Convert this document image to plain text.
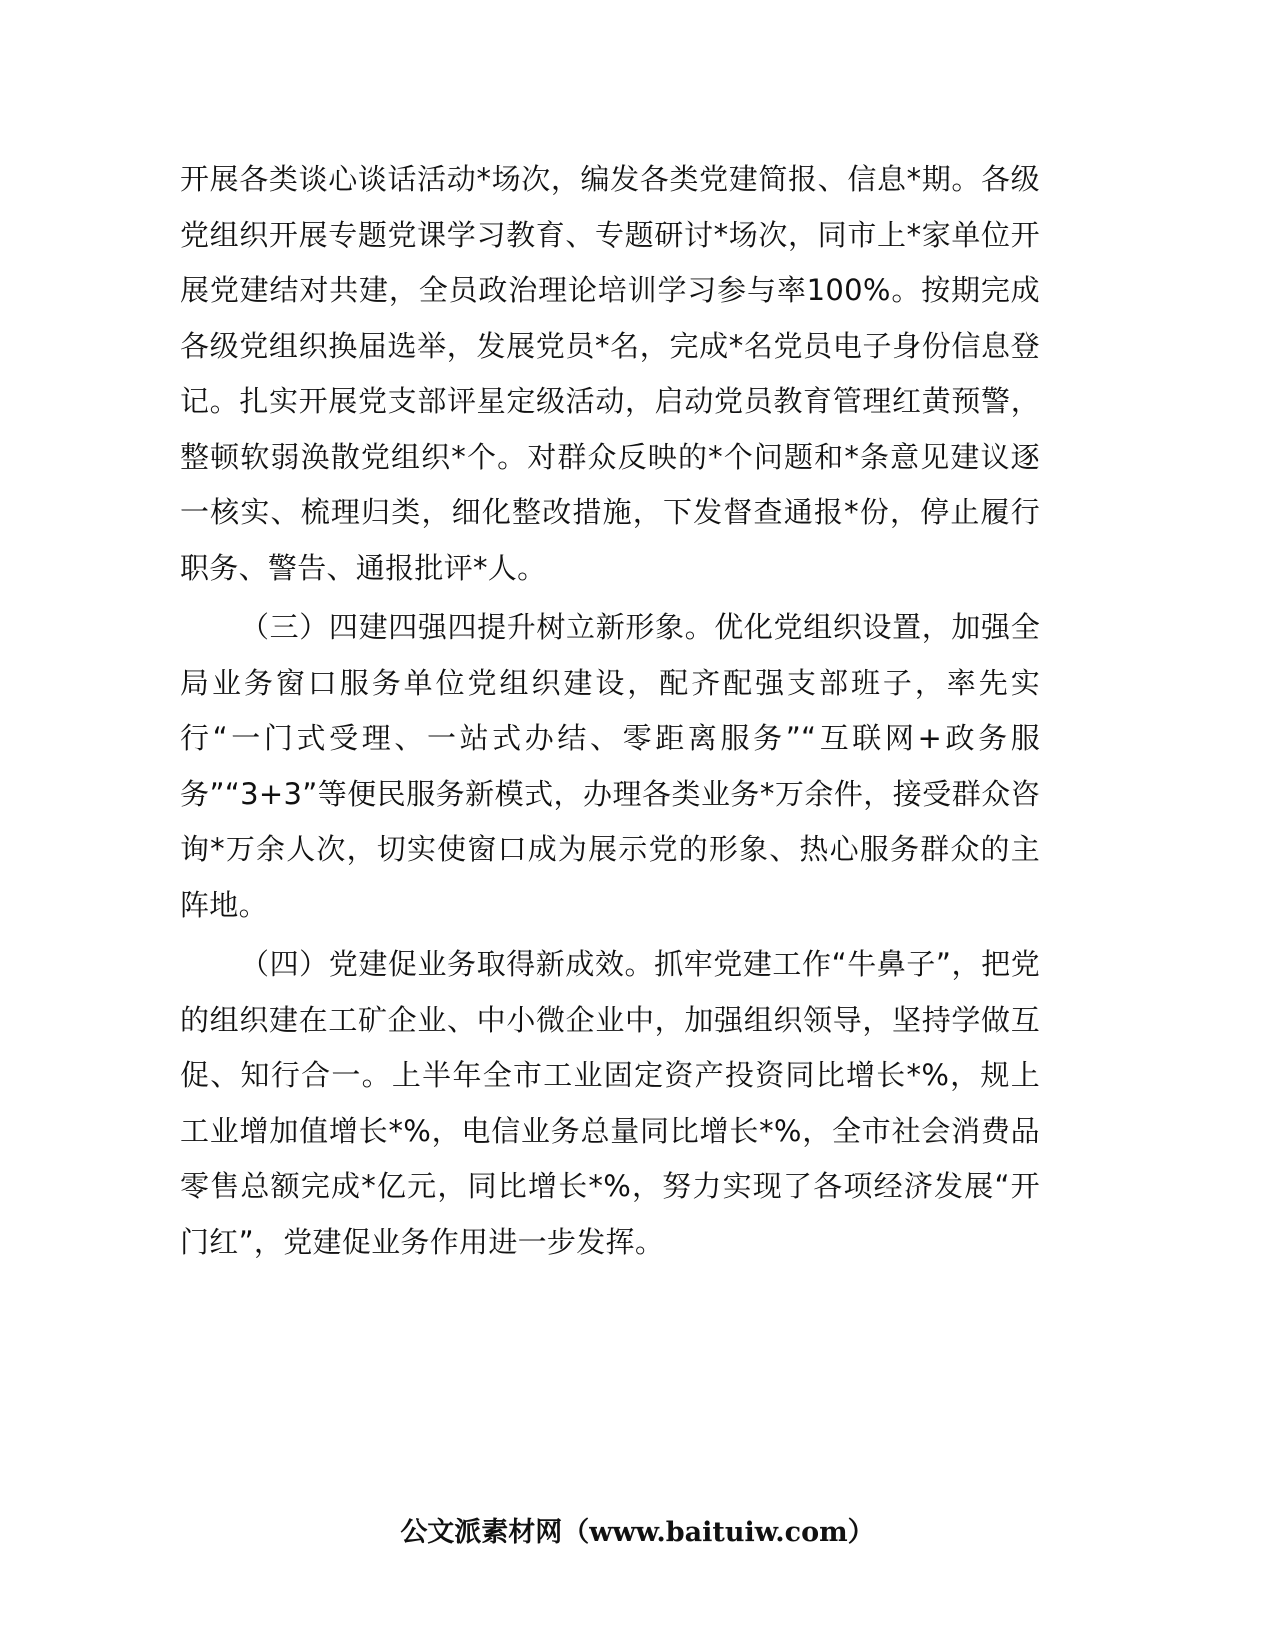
开展各类谈心谈话活动*场次，编发各类党建简报、信息*期。各级党组织开展专题党课学习教育、专题研讨*场次，同市上*家单位开展党建结对共建，全员政治理论培训学习参与率100%。按期完成各级党组织换届选举，发展党员*名，完成*名党员电子身份信息登记。扎实开展党支部评星定级活动，启动党员教育管理红黄预警，整顿软弱涣散党组织*个。对群众反映的*个问题和*条意见建议逐一核实、梳理归类，细化整改措施，下发督查通报*份，停止履行职务、警告、通报批评*人。

（三）四建四强四提升树立新形象。优化党组织设置，加强全局业务窗口服务单位党组织建设，配齐配强支部班子，率先实行“一门式受理、一站式办结、零距离服务”“互联网+政务服务”“3+3”等便民服务新模式，办理各类业务*万余件，接受群众咨询*万余人次，切实使窗口成为展示党的形象、热心服务群众的主阵地。

（四）党建促业务取得新成效。抓牢党建工作“牛鼻子”，把党的组织建在工矿企业、中小微企业中，加强组织领导，坚持学做互促、知行合一。上半年全市工业固定资产投资同比增长*%，规上工业增加值增长*%，电信业务总量同比增长*%，全市社会消费品零售总额完成*亿元，同比增长*%，努力实现了各项经济发展“开门红”，党建促业务作用进一步发挥。

公文派素材网（www.baituiw.com）
